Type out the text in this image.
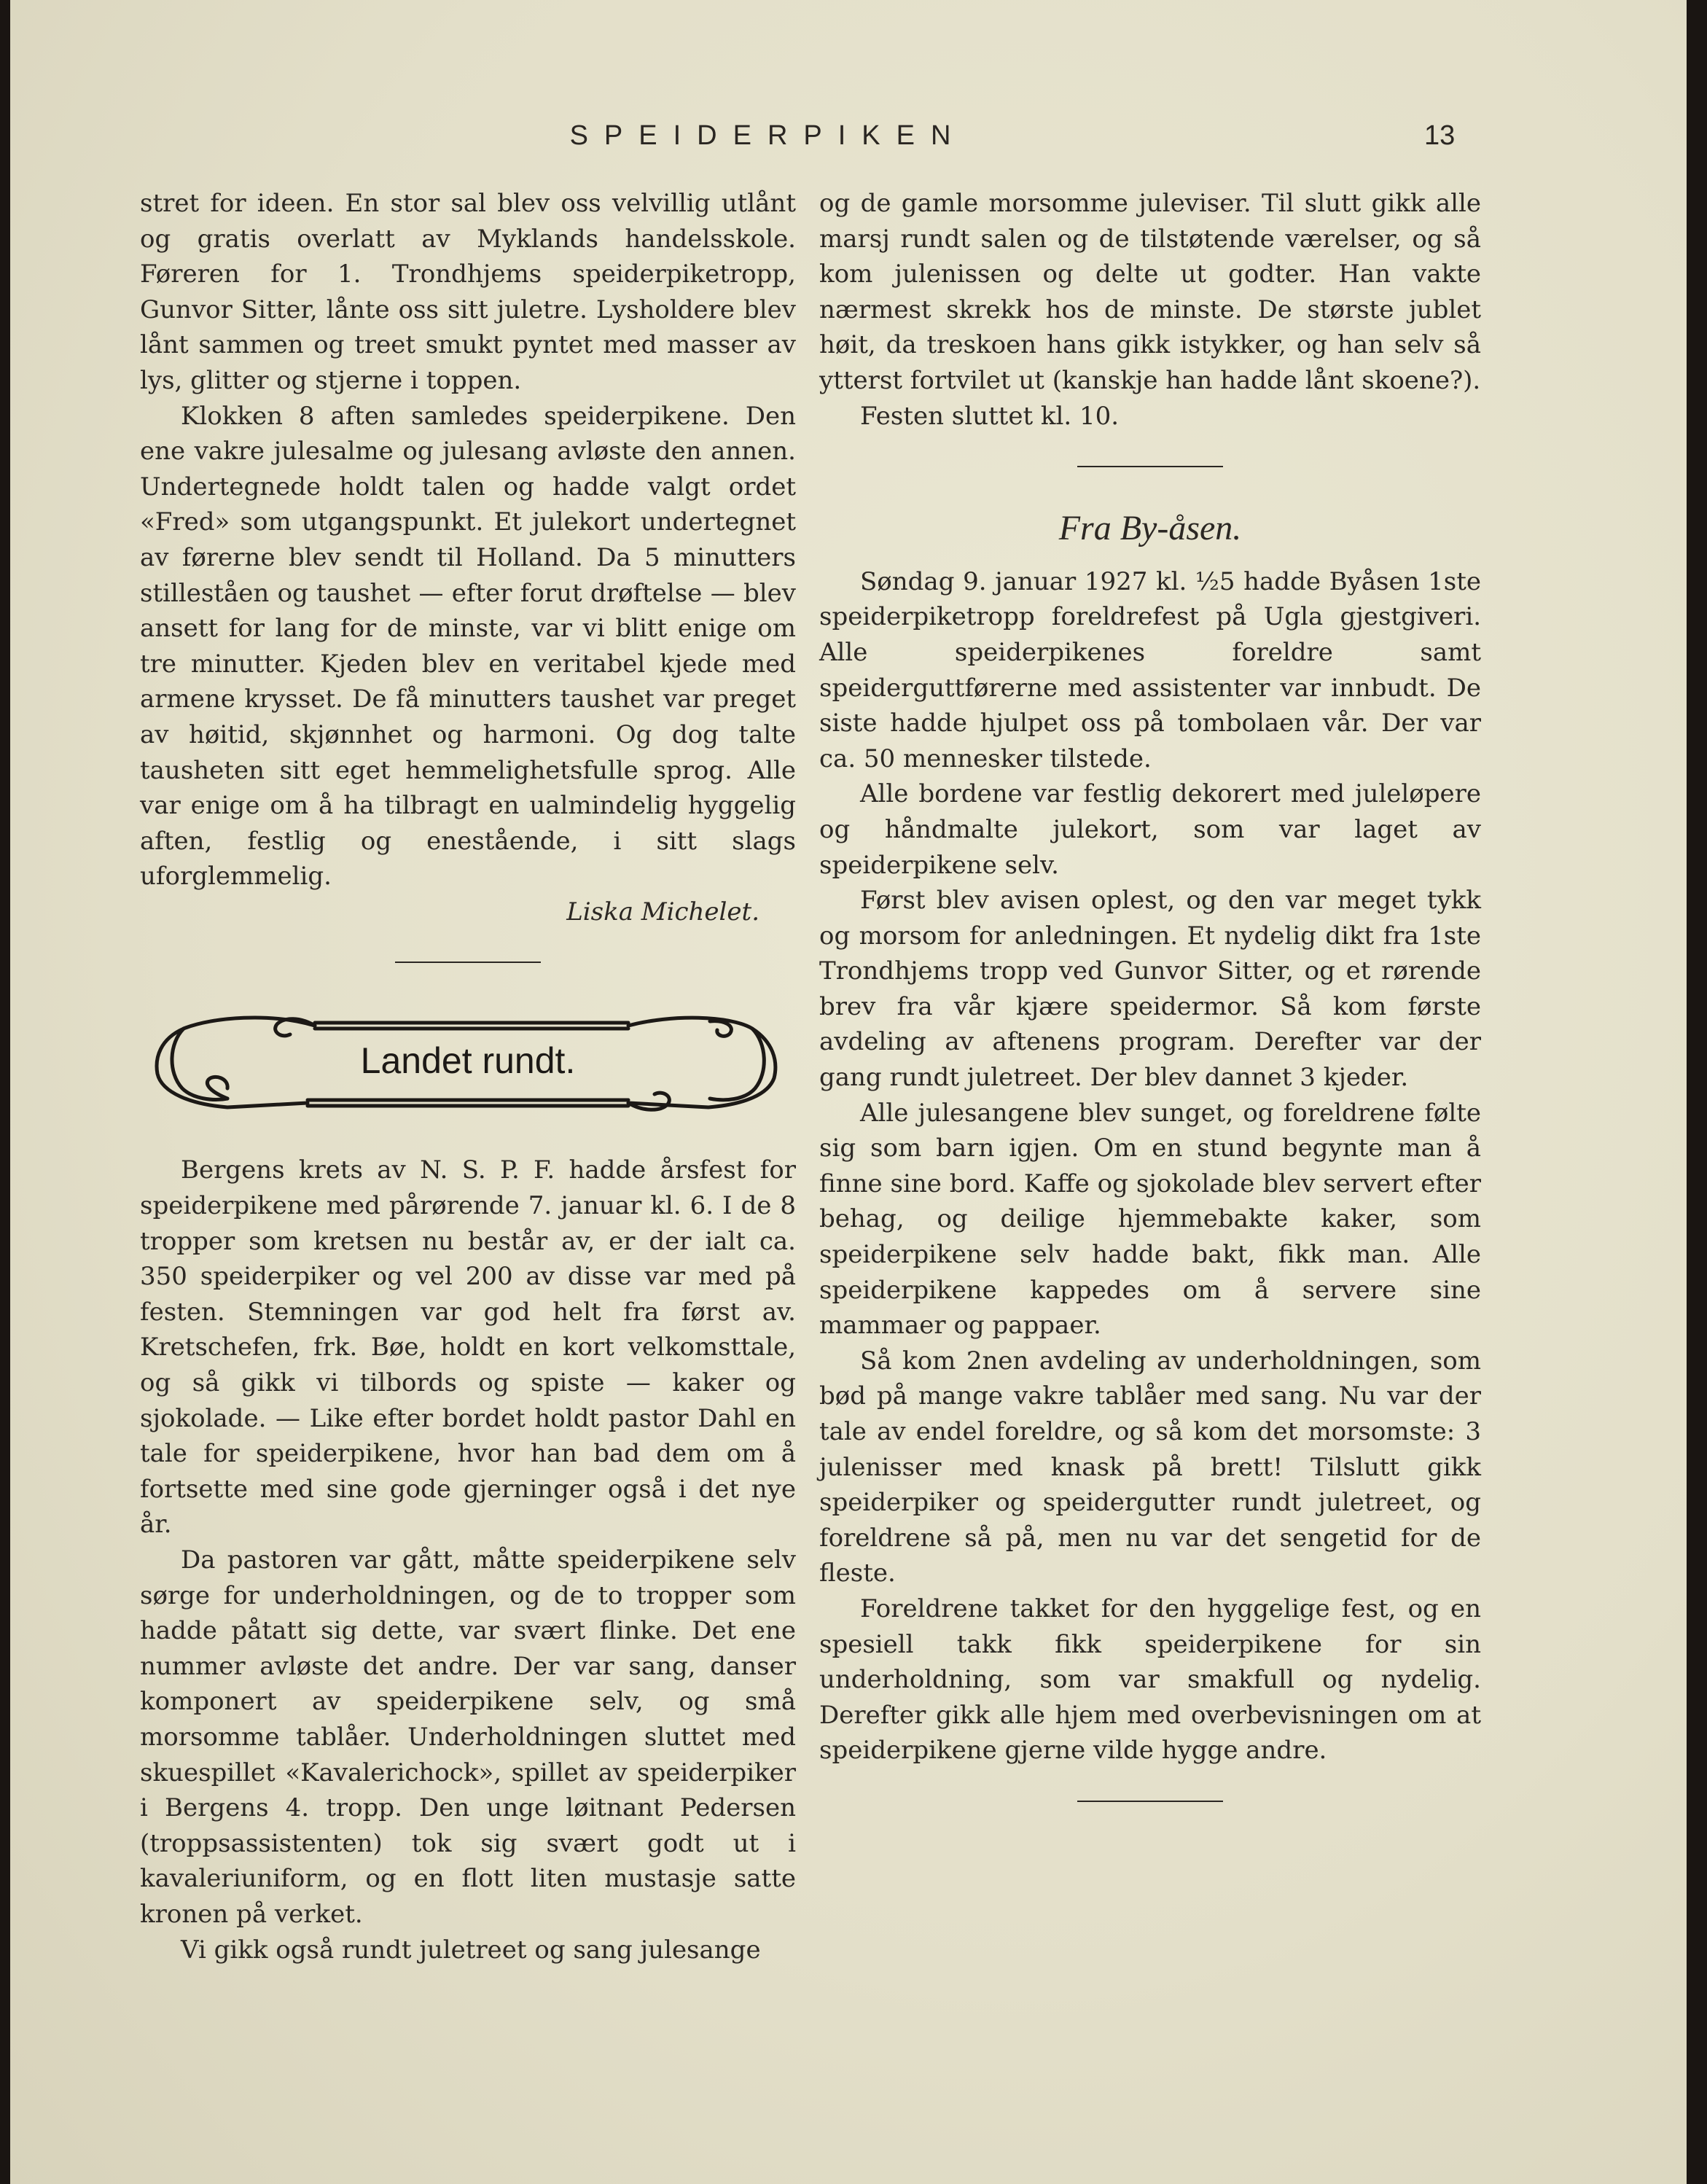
SPEIDERPIKEN	13

stret for ideen. En stor sal blev oss velvillig utlånt og gratis overlatt av Myklands handelsskole. Føreren for 1. Trondhjems speiderpiketropp, Gunvor Sitter, lånte oss sitt juletre. Lysholdere blev lånt sammen og treet smukt pyntet med masser av lys, glitter og stjerne i toppen.

Klokken 8 aften samledes speiderpikene. Den ene vakre julesalme og julesang avløste den annen. Undertegnede holdt talen og hadde valgt ordet «Fred» som utgangspunkt. Et julekort undertegnet av førerne blev sendt til Holland. Da 5 minutters stilleståen og taushet — efter forut drøftelse — blev ansett for lang for de minste, var vi blitt enige om tre minutter. Kjeden blev en veritabel kjede med armene krysset. De få minutters taushet var preget av høitid, skjønnhet og harmoni. Og dog talte tausheten sitt eget hemmelighetsfulle sprog. Alle var enige om å ha tilbragt en ualmindelig hyggelig aften, festlig og enestående, i sitt slags uforglemmelig.

Liska Michelet.

Landet rundt.

Bergens krets av N. S. P. F. hadde årsfest for speiderpikene med pårørende 7. januar kl. 6. I de 8 tropper som kretsen nu består av, er der ialt ca. 350 speiderpiker og vel 200 av disse var med på festen. Stemningen var god helt fra først av. Kretschefen, frk. Bøe, holdt en kort velkomsttale, og så gikk vi tilbords og spiste — kaker og sjokolade. — Like efter bordet holdt pastor Dahl en tale for speiderpikene, hvor han bad dem om å fortsette med sine gode gjerninger også i det nye år.

Da pastoren var gått, måtte speiderpikene selv sørge for underholdningen, og de to tropper som hadde påtatt sig dette, var svært flinke. Det ene nummer avløste det andre. Der var sang, danser komponert av speiderpikene selv, og små morsomme tablåer. Underholdningen sluttet med skuespillet «Kavalerichock», spillet av speiderpiker i Bergens 4. tropp. Den unge løitnant Pedersen (troppsassistenten) tok sig svært godt ut i kavaleriuniform, og en flott liten mustasje satte kronen på verket.

Vi gikk også rundt juletreet og sang julesange

og de gamle morsomme juleviser. Til slutt gikk alle marsj rundt salen og de tilstøtende værelser, og så kom julenissen og delte ut godter. Han vakte nærmest skrekk hos de minste. De største jublet høit, da treskoen hans gikk istykker, og han selv så ytterst fortvilet ut (kanskje han hadde lånt skoene?).

Festen sluttet kl. 10.

Fra By-åsen.

Søndag 9. januar 1927 kl. ½5 hadde Byåsen 1ste speiderpiketropp foreldrefest på Ugla gjestgiveri. Alle speiderpikenes foreldre samt speiderguttførerne med assistenter var innbudt. De siste hadde hjulpet oss på tombolaen vår. Der var ca. 50 mennesker tilstede.

Alle bordene var festlig dekorert med juleløpere og håndmalte julekort, som var laget av speiderpikene selv.

Først blev avisen oplest, og den var meget tykk og morsom for anledningen. Et nydelig dikt fra 1ste Trondhjems tropp ved Gunvor Sitter, og et rørende brev fra vår kjære speidermor. Så kom første avdeling av aftenens program. Derefter var der gang rundt juletreet. Der blev dannet 3 kjeder.

Alle julesangene blev sunget, og foreldrene følte sig som barn igjen. Om en stund begynte man å finne sine bord. Kaffe og sjokolade blev servert efter behag, og deilige hjemmebakte kaker, som speiderpikene selv hadde bakt, fikk man. Alle speiderpikene kappedes om å servere sine mammaer og pappaer.

Så kom 2nen avdeling av underholdningen, som bød på mange vakre tablåer med sang. Nu var der tale av endel foreldre, og så kom det morsomste: 3 julenisser med knask på brett! Tilslutt gikk speiderpiker og speidergutter rundt juletreet, og foreldrene så på, men nu var det sengetid for de fleste.

Foreldrene takket for den hyggelige fest, og en spesiell takk fikk speiderpikene for sin underholdning, som var smakfull og nydelig. Derefter gikk alle hjem med overbevisningen om at speiderpikene gjerne vilde hygge andre.
